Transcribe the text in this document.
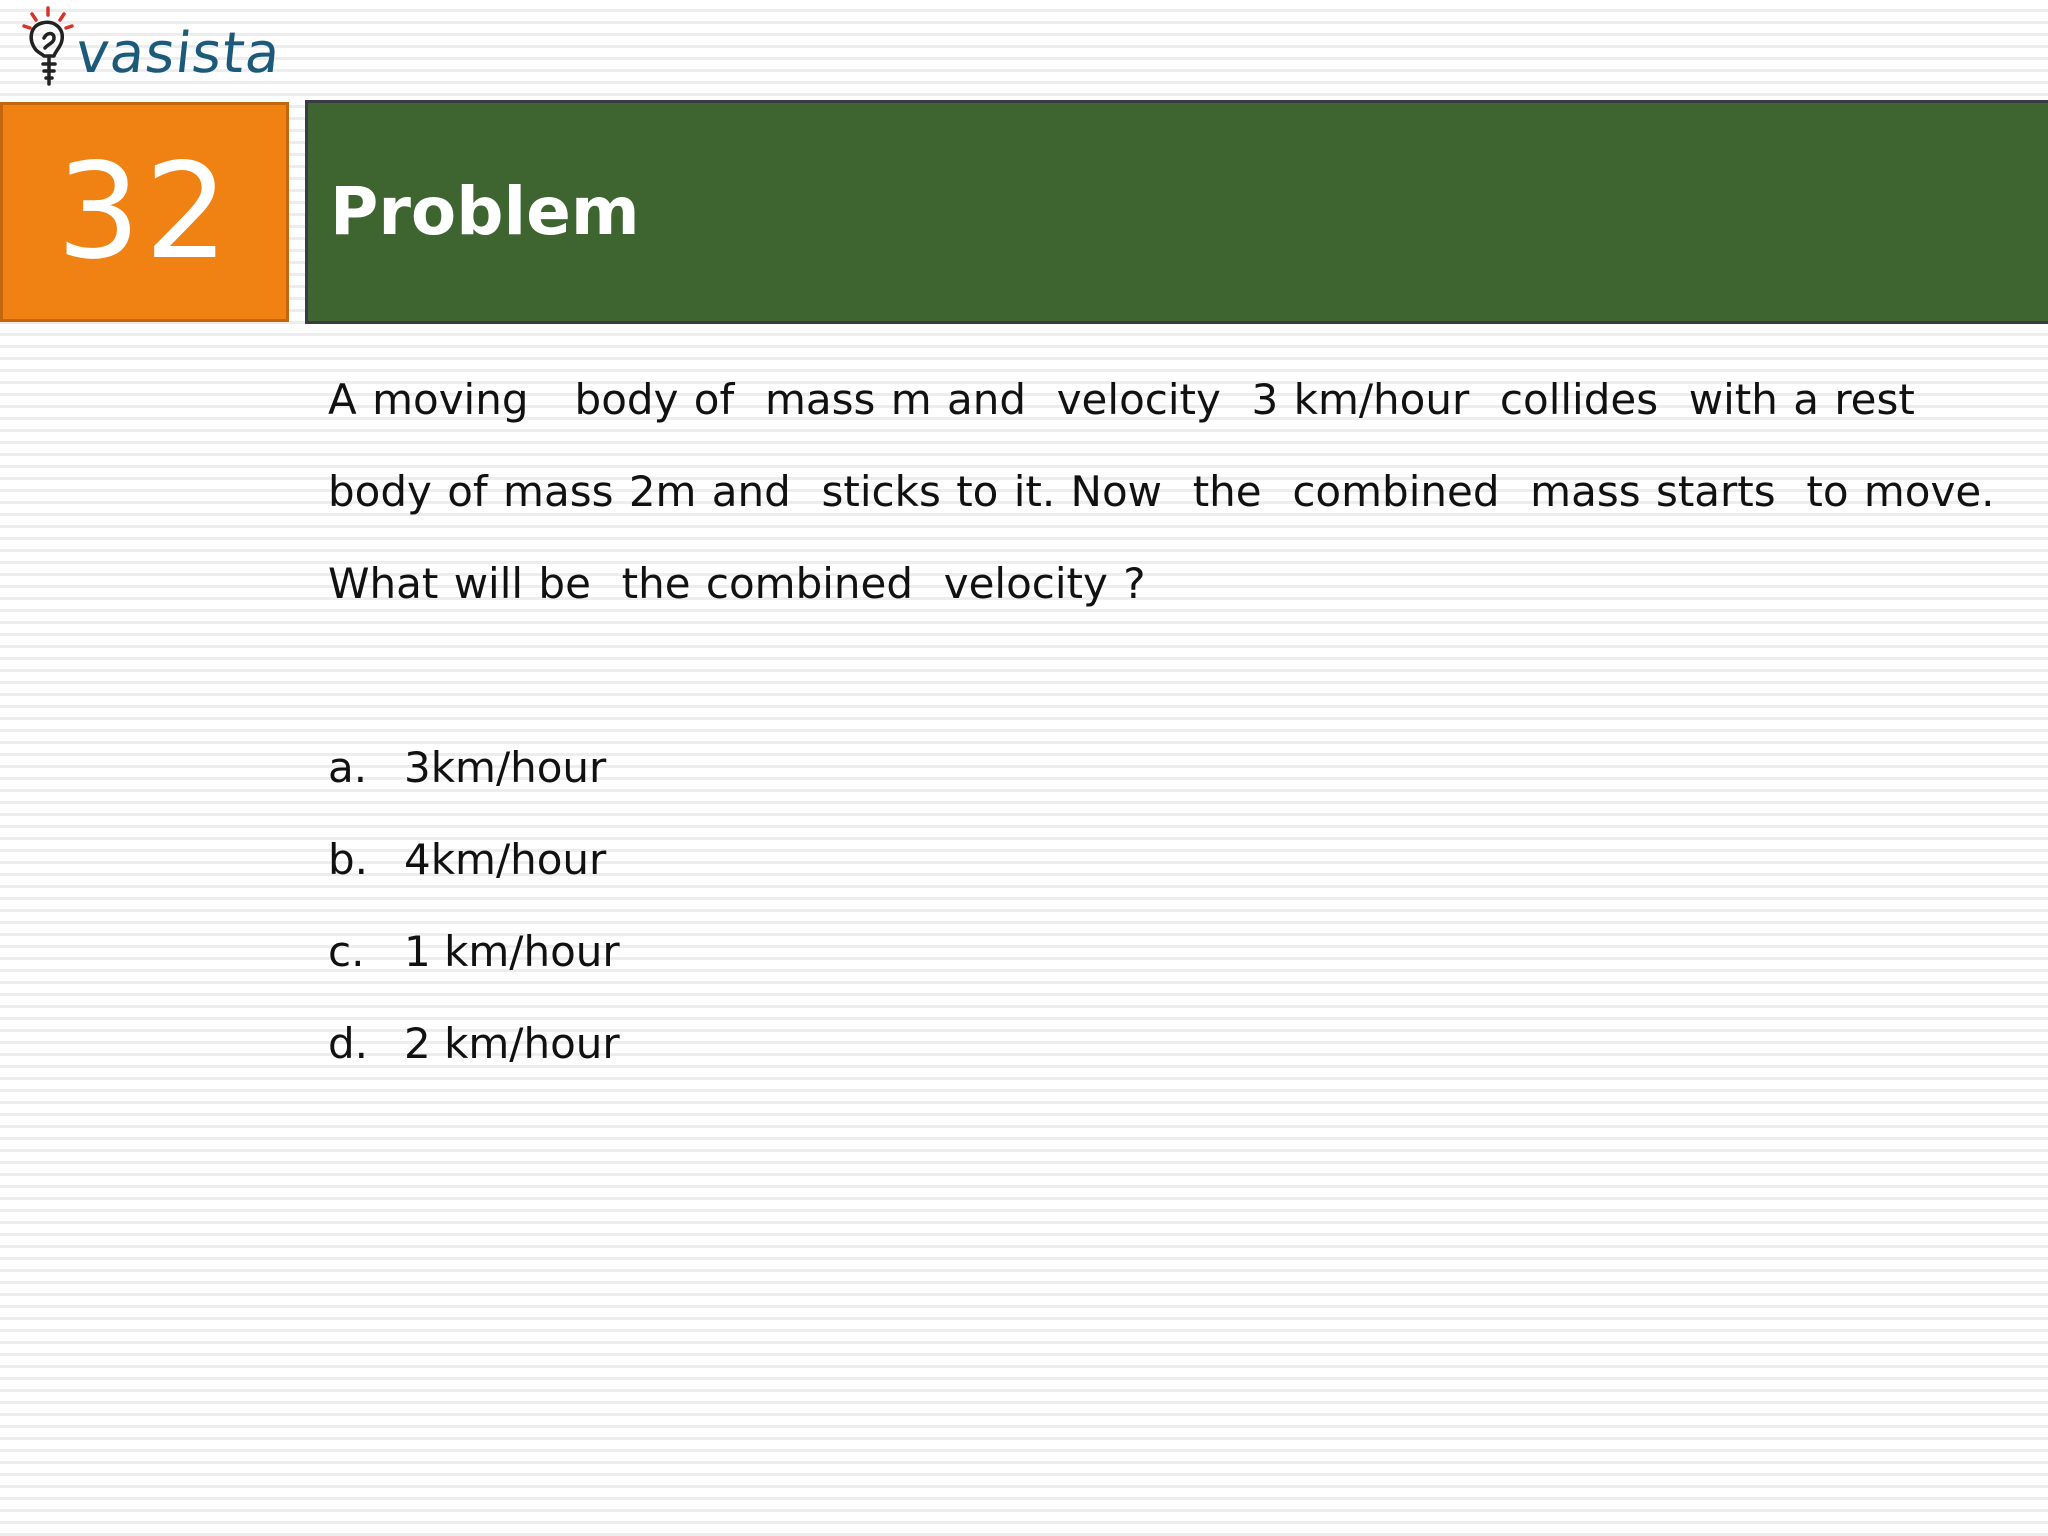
vasista
32 Problem

A moving   body of  mass m and  velocity  3 km/hour  collides  with a rest body of mass 2m and  sticks to it. Now  the  combined  mass starts  to move.  What will be  the combined  velocity ?

a. 3km/hour
b. 4km/hour
c. 1 km/hour
d. 2 km/hour
